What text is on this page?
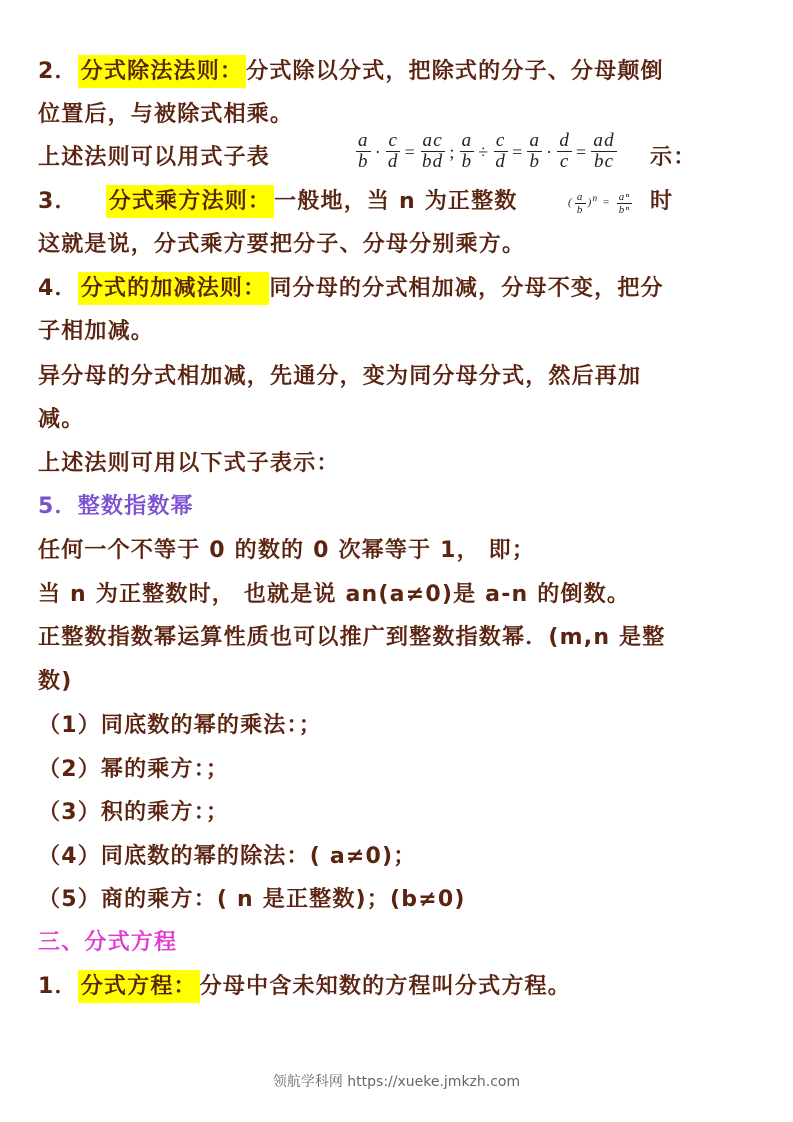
2． 分式除法法则： 分式除以分式，把除式的分子、分母颠倒
位置后，与被除式相乘。
上述法则可以用式子表	$\frac{a}{b} \cdot \frac{c}{d} = \frac{ac}{bd}$ ; $\frac{a}{b} \div \frac{c}{d} = \frac{a}{b} \cdot \frac{d}{c} = \frac{ad}{bc}$ 示：
3． 分式乘方法则： 一般地，当 n 为正整数	( $\frac{a}{b} )^n = \frac{\text{aⁿ}}{\text{bⁿ}}$ 时
这就是说，分式乘方要把分子、分母分别乘方。
4． 分式的加减法则： 同分母的分式相加减，分母不变，把分
子相加减。
异分母的分式相加减，先通分，变为同分母分式，然后再加
减。
上述法则可用以下式子表示：
5．整数指数幂
任何一个不等于 0 的数的 0 次幂等于 1， 即；
当 n 为正整数时， 也就是说 an(a≠0)是 a-n 的倒数。
正整数指数幂运算性质也可以推广到整数指数幂．(m,n 是整
数)
（1）同底数的幂的乘法：；
（2）幂的乘方：；
（3）积的乘方：；
（4）同底数的幂的除法：( a≠0)；
（5）商的乘方：( n 是正整数)；(b≠0)
三、分式方程
1． 分式方程： 分母中含未知数的方程叫分式方程。
领航学科网 https://xueke.jmkzh.com
